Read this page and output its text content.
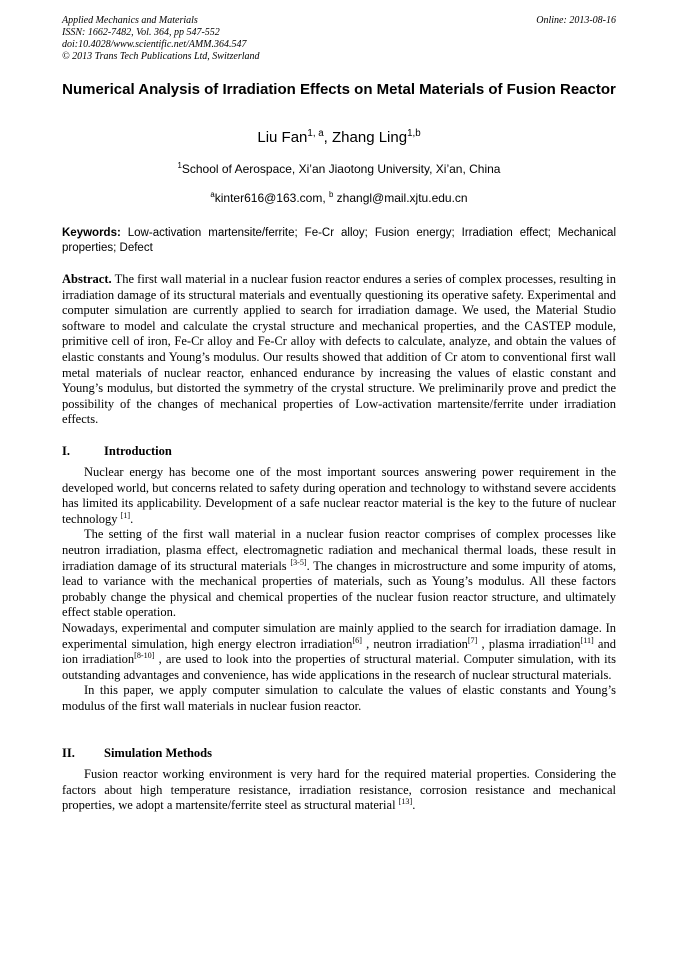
Applied Mechanics and Materials
ISSN: 1662-7482, Vol. 364, pp 547-552
doi:10.4028/www.scientific.net/AMM.364.547
© 2013 Trans Tech Publications Ltd, Switzerland
Online: 2013-08-16
Numerical Analysis of Irradiation Effects on Metal Materials of Fusion Reactor
Liu Fan$^{1, a}$, Zhang Ling$^{1,b}$
$^1$School of Aerospace, Xi’an Jiaotong University, Xi’an, China
$^a$kinter616@163.com, $^b$ zhangl@mail.xjtu.edu.cn
Keywords: Low-activation martensite/ferrite; Fe-Cr alloy; Fusion energy; Irradiation effect; Mechanical properties; Defect
Abstract. The first wall material in a nuclear fusion reactor endures a series of complex processes, resulting in irradiation damage of its structural materials and eventually questioning its operative safety. Experimental and computer simulation are currently applied to search for irradiation damage. We used, the Material Studio software to model and calculate the crystal structure and mechanical properties, and the CASTEP module, primitive cell of iron, Fe-Cr alloy and Fe-Cr alloy with defects to calculate, analyze, and obtain the values of elastic constants and Young’s modulus. Our results showed that addition of Cr atom to conventional first wall metal materials of nuclear reactor, enhanced endurance by increasing the values of elastic constant and Young’s modulus, but distorted the symmetry of the crystal structure. We preliminarily prove and predict the possibility of the changes of mechanical properties of Low-activation martensite/ferrite under irradiation effects.
I.	Introduction

Nuclear energy has become one of the most important sources answering power requirement in the developed world, but concerns related to safety during operation and technology to withstand severe accidents has limited its applicability. Development of a safe nuclear reactor material is the key to the future of nuclear technology [1].

The setting of the first wall material in a nuclear fusion reactor comprises of complex processes like neutron irradiation, plasma effect, electromagnetic radiation and mechanical thermal loads, these result in irradiation damage of its structural materials [3-5]. The changes in microstructure and some impurity of atoms, lead to variance with the mechanical properties of materials, such as Young’s modulus. All these factors probably change the physical and chemical properties of the nuclear fusion reactor structure, and ultimately effect stable operation.

Nowadays, experimental and computer simulation are mainly applied to the search for irradiation damage. In experimental simulation, high energy electron irradiation[6] , neutron irradiation[7] , plasma irradiation[11] and ion irradiation[8-10] , are used to look into the properties of structural material. Computer simulation, with its outstanding advantages and convenience, has wide applications in the research of nuclear structural materials.

In this paper, we apply computer simulation to calculate the values of elastic constants and Young’s modulus of the first wall materials in nuclear fusion reactor.

II. Simulation Methods

Fusion reactor working environment is very hard for the required material properties. Considering the factors about high temperature resistance, irradiation resistance, corrosion resistance and mechanical properties, we adopt a martensite/ferrite steel as structural material [13].
